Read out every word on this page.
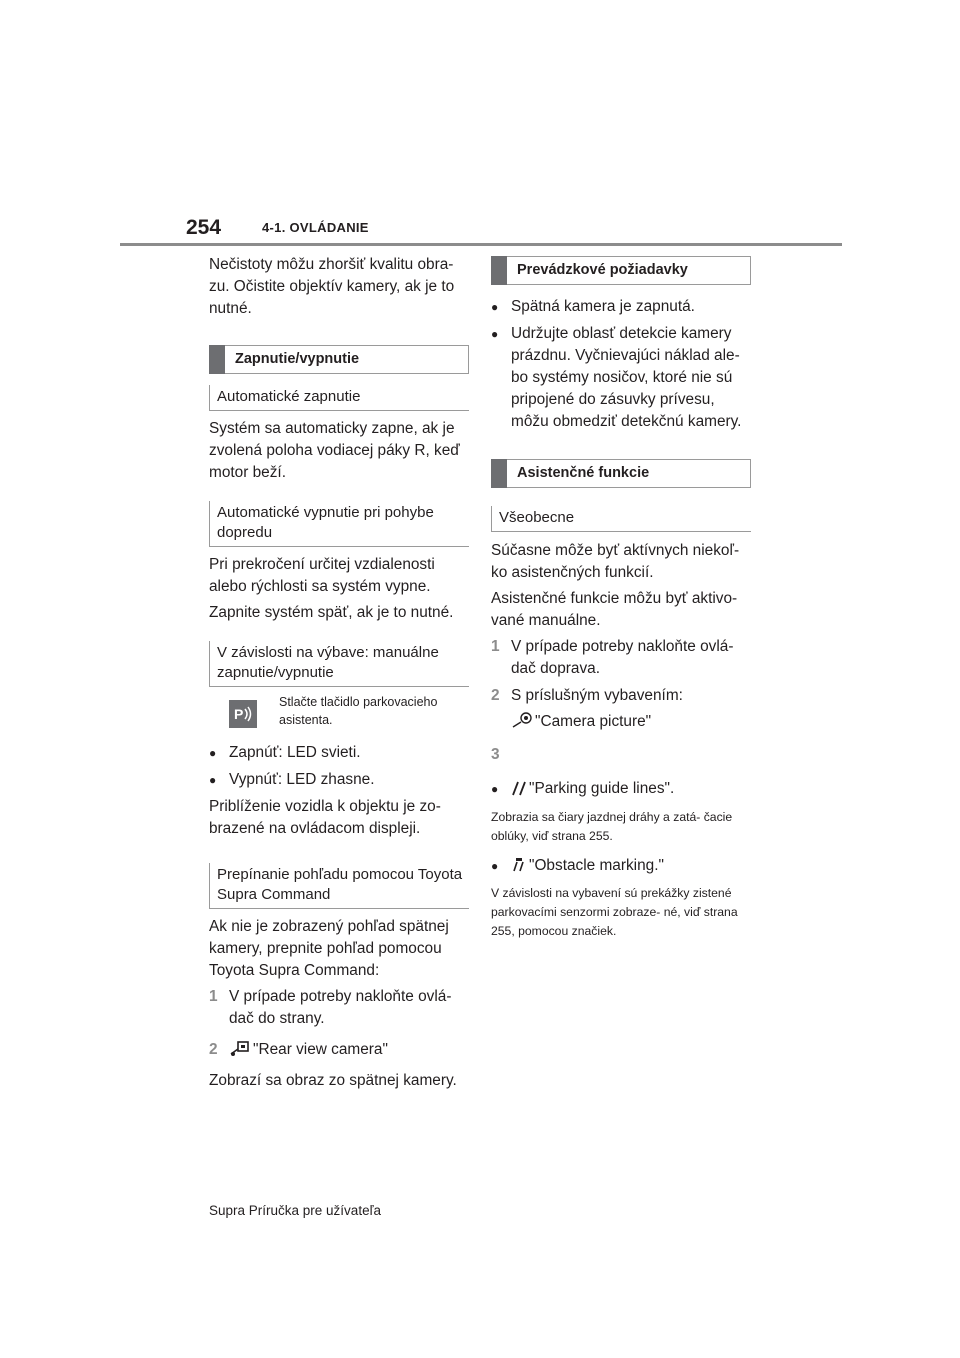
254	4-1. OVLÁDANIE

Nečistoty môžu zhoršiť kvalitu obra- zu. Očistite objektív kamery, ak je to nutné.

Zapnutie/vypnutie
Automatické zapnutie

Systém sa automaticky zapne, ak je zvolená poloha vodiacej páky R, keď motor beží.

Automatické vypnutie pri pohybe dopredu

Pri prekročení určitej vzdialenosti alebo rýchlosti sa systém vypne.

Zapnite systém späť, ak je to nutné.

V závislosti na výbave: manuálne zapnutie/vypnutie
P

Stlačte tlačidlo parkovacieho asistenta.

● Zapnúť: LED svieti.

● Vypnúť: LED zhasne.

Priblíženie vozidla k objektu je zo- brazené na ovládacom displeji.

Prepínanie pohľadu pomocou Toyota Supra Command

Ak nie je zobrazený pohľad spätnej kamery, prepnite pohľad pomocou Toyota Supra Command:

1 V prípade potreby nakloňte ovlá- dač do strany.
2 "Rear view camera"

Zobrazí sa obraz zo spätnej kamery.

Prevádzkové požiadavky

● Spätná kamera je zapnutá.

● Udržujte oblasť detekcie kamery prázdnu. Vyčnievajúci náklad ale- bo systémy nosičov, ktoré nie sú pripojené do zásuvky prívesu, môžu obmedziť detekčnú kamery.

Asistenčné funkcie
Všeobecne

Súčasne môže byť aktívnych niekoľ- ko asistenčných funkcií.

Asistenčné funkcie môžu byť aktivo- vané manuálne.

1 V prípade potreby nakloňte ovlá- dač doprava.
2 S príslušným vybavením:
"Camera picture"
3
● "Parking guide lines".

Zobrazia sa čiary jazdnej dráhy a zatá- čacie oblúky, viď strana 255.

● "Obstacle marking."

V závislosti na vybavení sú prekážky zistené parkovacími senzormi zobraze- né, viď strana 255, pomocou značiek.

Supra Príručka pre užívateľa
